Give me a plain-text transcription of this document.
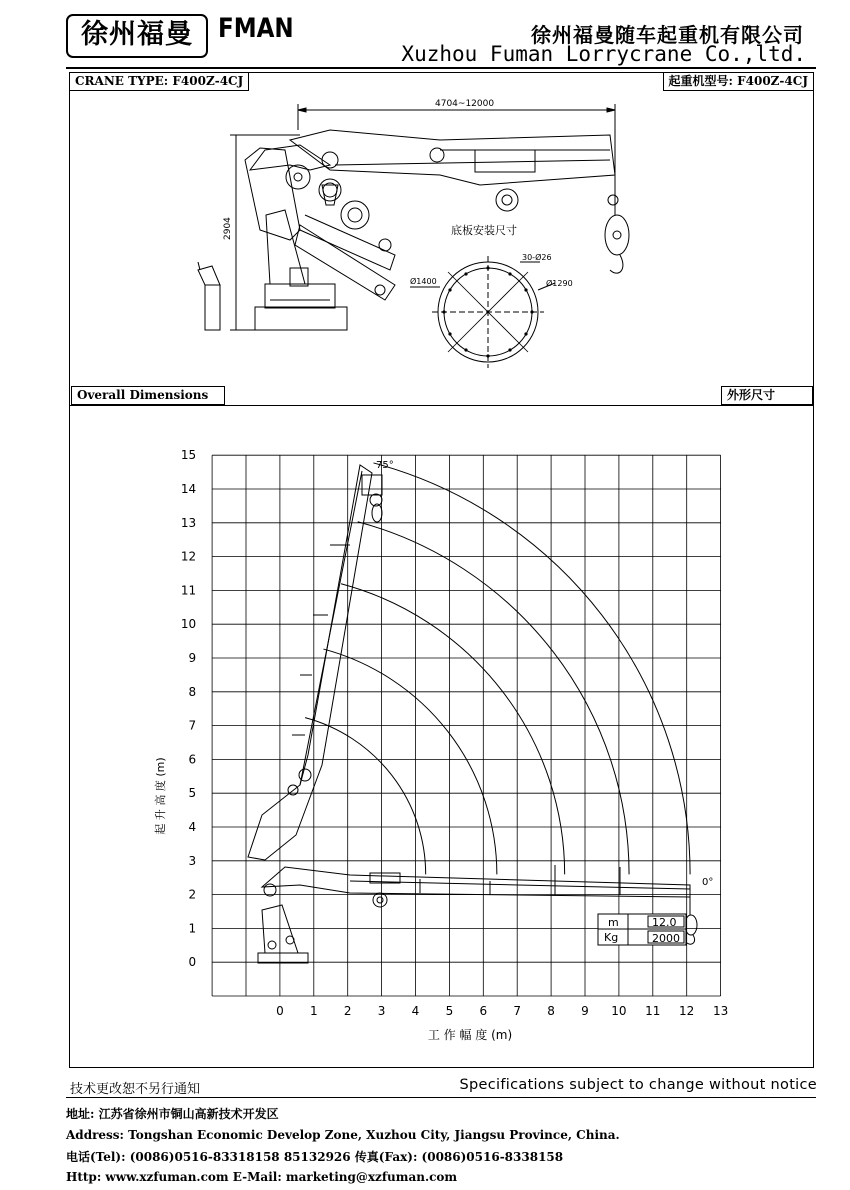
徐州福曼	FMAN	徐州福曼随车起重机有限公司
Xuzhou Fuman Lorrycrane Co.,ltd.
CRANE TYPE: F400Z-4CJ	起重机型号: F400Z-4CJ
Overall Dimensions	外形尺寸
4704~12000
2904	底板安装尺寸
30-Ø26
Ø1400	Ø1290
0 1 2 3 4 5 6 7 8 9 10 11 12 13
0
1
2
3
4
5
6
7
8
9
10
11
12
13
14
15
m	12.0
Kg	2000
75°
0°
起 升 高 度 (m)
工 作 幅 度 (m)
技术更改恕不另行通知	Specifications subject to change without notice
地址: 江苏省徐州市铜山高新技术开发区
Address: Tongshan Economic Develop Zone, Xuzhou City, Jiangsu Province, China.
电话(Tel): (0086)0516-83318158 85132926 传真(Fax): (0086)0516-8338158
Http: www.xzfuman.com E-Mail: marketing@xzfuman.com
